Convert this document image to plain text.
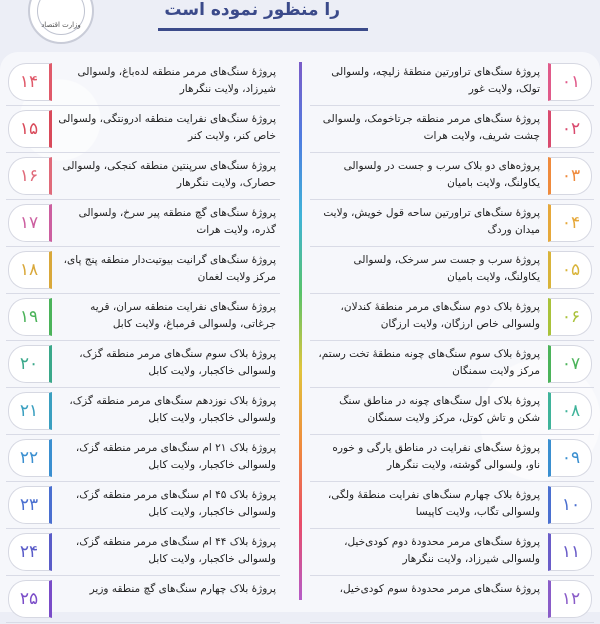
وزارت اقتصاد
را منظور نموده است
۰۱
پروژهٔ سنگ‌های تراورتین منطقهٔ زلیچه، ولسوالی تولک، ولایت غور
۰۲
پروژهٔ سنگ‌های مرمر منطقه جرتاخومک، ولسوالی چشت شریف، ولایت هرات
۰۳
پروژه‌های دو بلاک سرب و جست در ولسوالی یکاولنگ، ولایت بامیان
۰۴
پروژهٔ سنگ‌های تراورتین ساحه قول خویش، ولایت میدان وردگ
۰۵
پروژهٔ سرب و جست سر سرخک، ولسوالی یکاولنگ، ولایت بامیان
۰۶
پروژهٔ بلاک دوم سنگ‌های مرمر منطقهٔ کندلان، ولسوالی خاص ارزگان، ولایت ارزگان
۰۷
پروژهٔ بلاک سوم سنگ‌های چونه منطقهٔ تخت رستم، مرکز ولایت سمنگان
۰۸
پروژهٔ بلاک اول سنگ‌های چونه در مناطق سنگ شکن و تاش کوتل، مرکز ولایت سمنگان
۰۹
پروژهٔ سنگ‌های نفرایت در مناطق یارگی و خوره ناو، ولسوالی گوشته، ولایت ننگرهار
۱۰
پروژهٔ بلاک چهارم سنگ‌های نفرایت منطقهٔ ولگی، ولسوالی تگاب، ولایت کاپیسا
۱۱
پروژهٔ سنگ‌های مرمر محدودهٔ دوم کودی‌خیل، ولسوالی شیرزاد، ولایت ننگرهار
۱۲
پروژهٔ سنگ‌های مرمر محدودهٔ سوم کودی‌خیل،
۱۴	پروژهٔ سنگ‌های مرمر منطقه لده‌باغ، ولسوالی شیرزاد، ولایت ننگرهار
۱۵	پروژهٔ سنگ‌های نفرایت منطقه ادرونتگی، ولسوالی خاص کنر، ولایت کنر
۱۶	پروژهٔ سنگ‌های سرپنتین منطقه کنجکی، ولسوالی حصارک، ولایت ننگرهار
۱۷	پروژهٔ سنگ‌های گچ منطقه پیر سرخ، ولسوالی گذره، ولایت هرات
۱۸	پروژهٔ سنگ‌های گرانیت بیوتیت‌دار منطقه پنج پای، مرکز ولایت لغمان
۱۹	پروژهٔ سنگ‌های نفرایت منطقه سران، قریه جرغاتی، ولسوالی قرمباغ، ولایت کابل
۲۰	پروژهٔ بلاک سوم سنگ‌های مرمر منطقه گزک، ولسوالی خاکجبار، ولایت کابل
۲۱	پروژهٔ بلاک نوزدهم سنگ‌های مرمر منطقه گزک، ولسوالی خاکجبار، ولایت کابل
۲۲	پروژهٔ بلاک ۲۱ ام سنگ‌های مرمر منطقه گزک، ولسوالی خاکجبار، ولایت کابل
۲۳	پروژهٔ بلاک ۴۵ ام سنگ‌های مرمر منطقه گزک، ولسوالی خاکجبار، ولایت کابل
۲۴	پروژهٔ بلاک ۴۴ ام سنگ‌های مرمر منطقه گزک، ولسوالی خاکجبار، ولایت کابل
۲۵	پروژهٔ بلاک چهارم سنگ‌های گچ منطقه وزیر
